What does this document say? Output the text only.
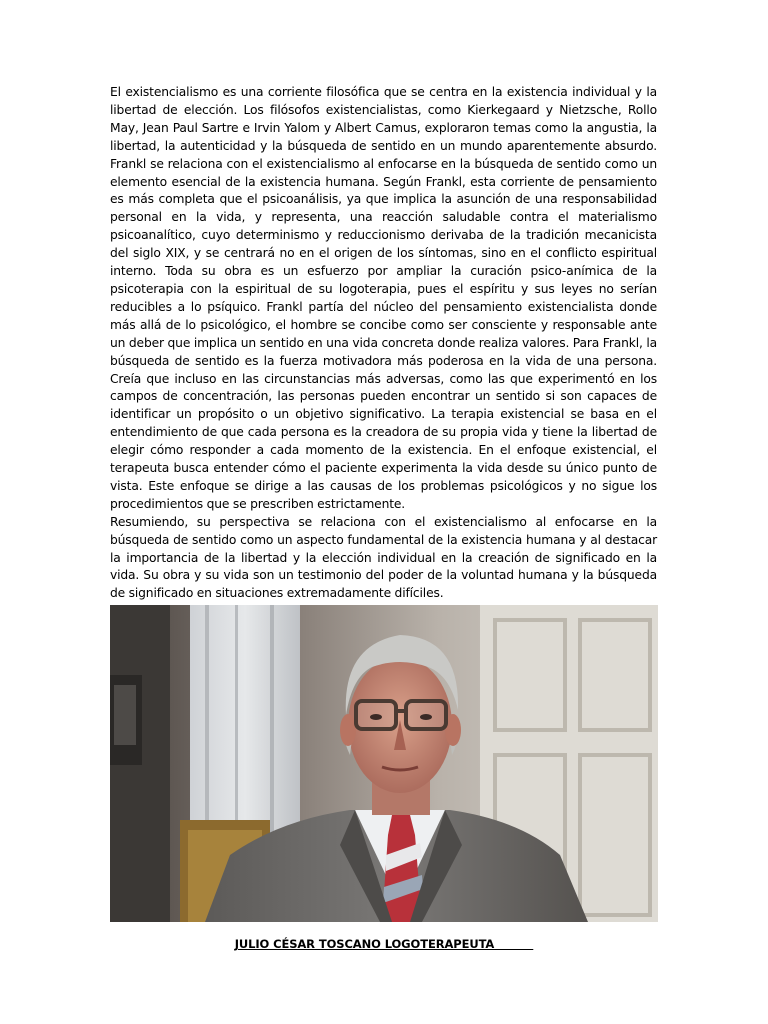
El existencialismo es una corriente filosófica que se centra en la existencia individual y la libertad de elección. Los filósofos existencialistas, como Kierkegaard y Nietzsche, Rollo May, Jean Paul Sartre e Irvin Yalom y Albert Camus, exploraron temas como la angustia, la libertad, la autenticidad y la búsqueda de sentido en un mundo aparentemente absurdo. Frankl se relaciona con el existencialismo al enfocarse en la búsqueda de sentido como un elemento esencial de la existencia humana. Según Frankl, esta corriente de pensamiento es más completa que el psicoanálisis, ya que implica la asunción de una responsabilidad personal en la vida, y representa, una reacción saludable contra el materialismo psicoanalítico, cuyo determinismo y reduccionismo derivaba de la tradición mecanicista del siglo XIX, y se centrará no en el origen de los síntomas, sino en el conflicto espiritual interno. Toda su obra es un esfuerzo por ampliar la curación psico-anímica de la psicoterapia con la espiritual de su logoterapia, pues el espíritu y sus leyes no serían reducibles a lo psíquico. Frankl partía del núcleo del pensamiento existencialista donde más allá de lo psicológico, el hombre se concibe como ser consciente y responsable ante un deber que implica un sentido en una vida concreta donde realiza valores. Para Frankl, la búsqueda de sentido es la fuerza motivadora más poderosa en la vida de una persona. Creía que incluso en las circunstancias más adversas, como las que experimentó en los campos de concentración, las personas pueden encontrar un sentido si son capaces de identificar un propósito o un objetivo significativo. La terapia existencial se basa en el entendimiento de que cada persona es la creadora de su propia vida y tiene la libertad de elegir cómo responder a cada momento de la existencia. En el enfoque existencial, el terapeuta busca entender cómo el paciente experimenta la vida desde su único punto de vista. Este enfoque se dirige a las causas de los problemas psicológicos y no sigue los procedimientos que se prescriben estrictamente.

Resumiendo, su perspectiva se relaciona con el existencialismo al enfocarse en la búsqueda de sentido como un aspecto fundamental de la existencia humana y al destacar la importancia de la libertad y la elección individual en la creación de significado en la vida. Su obra y su vida son un testimonio del poder de la voluntad humana y la búsqueda de significado en situaciones extremadamente difíciles.

JULIO CÉSAR TOSCANO LOGOTERAPEUTA
